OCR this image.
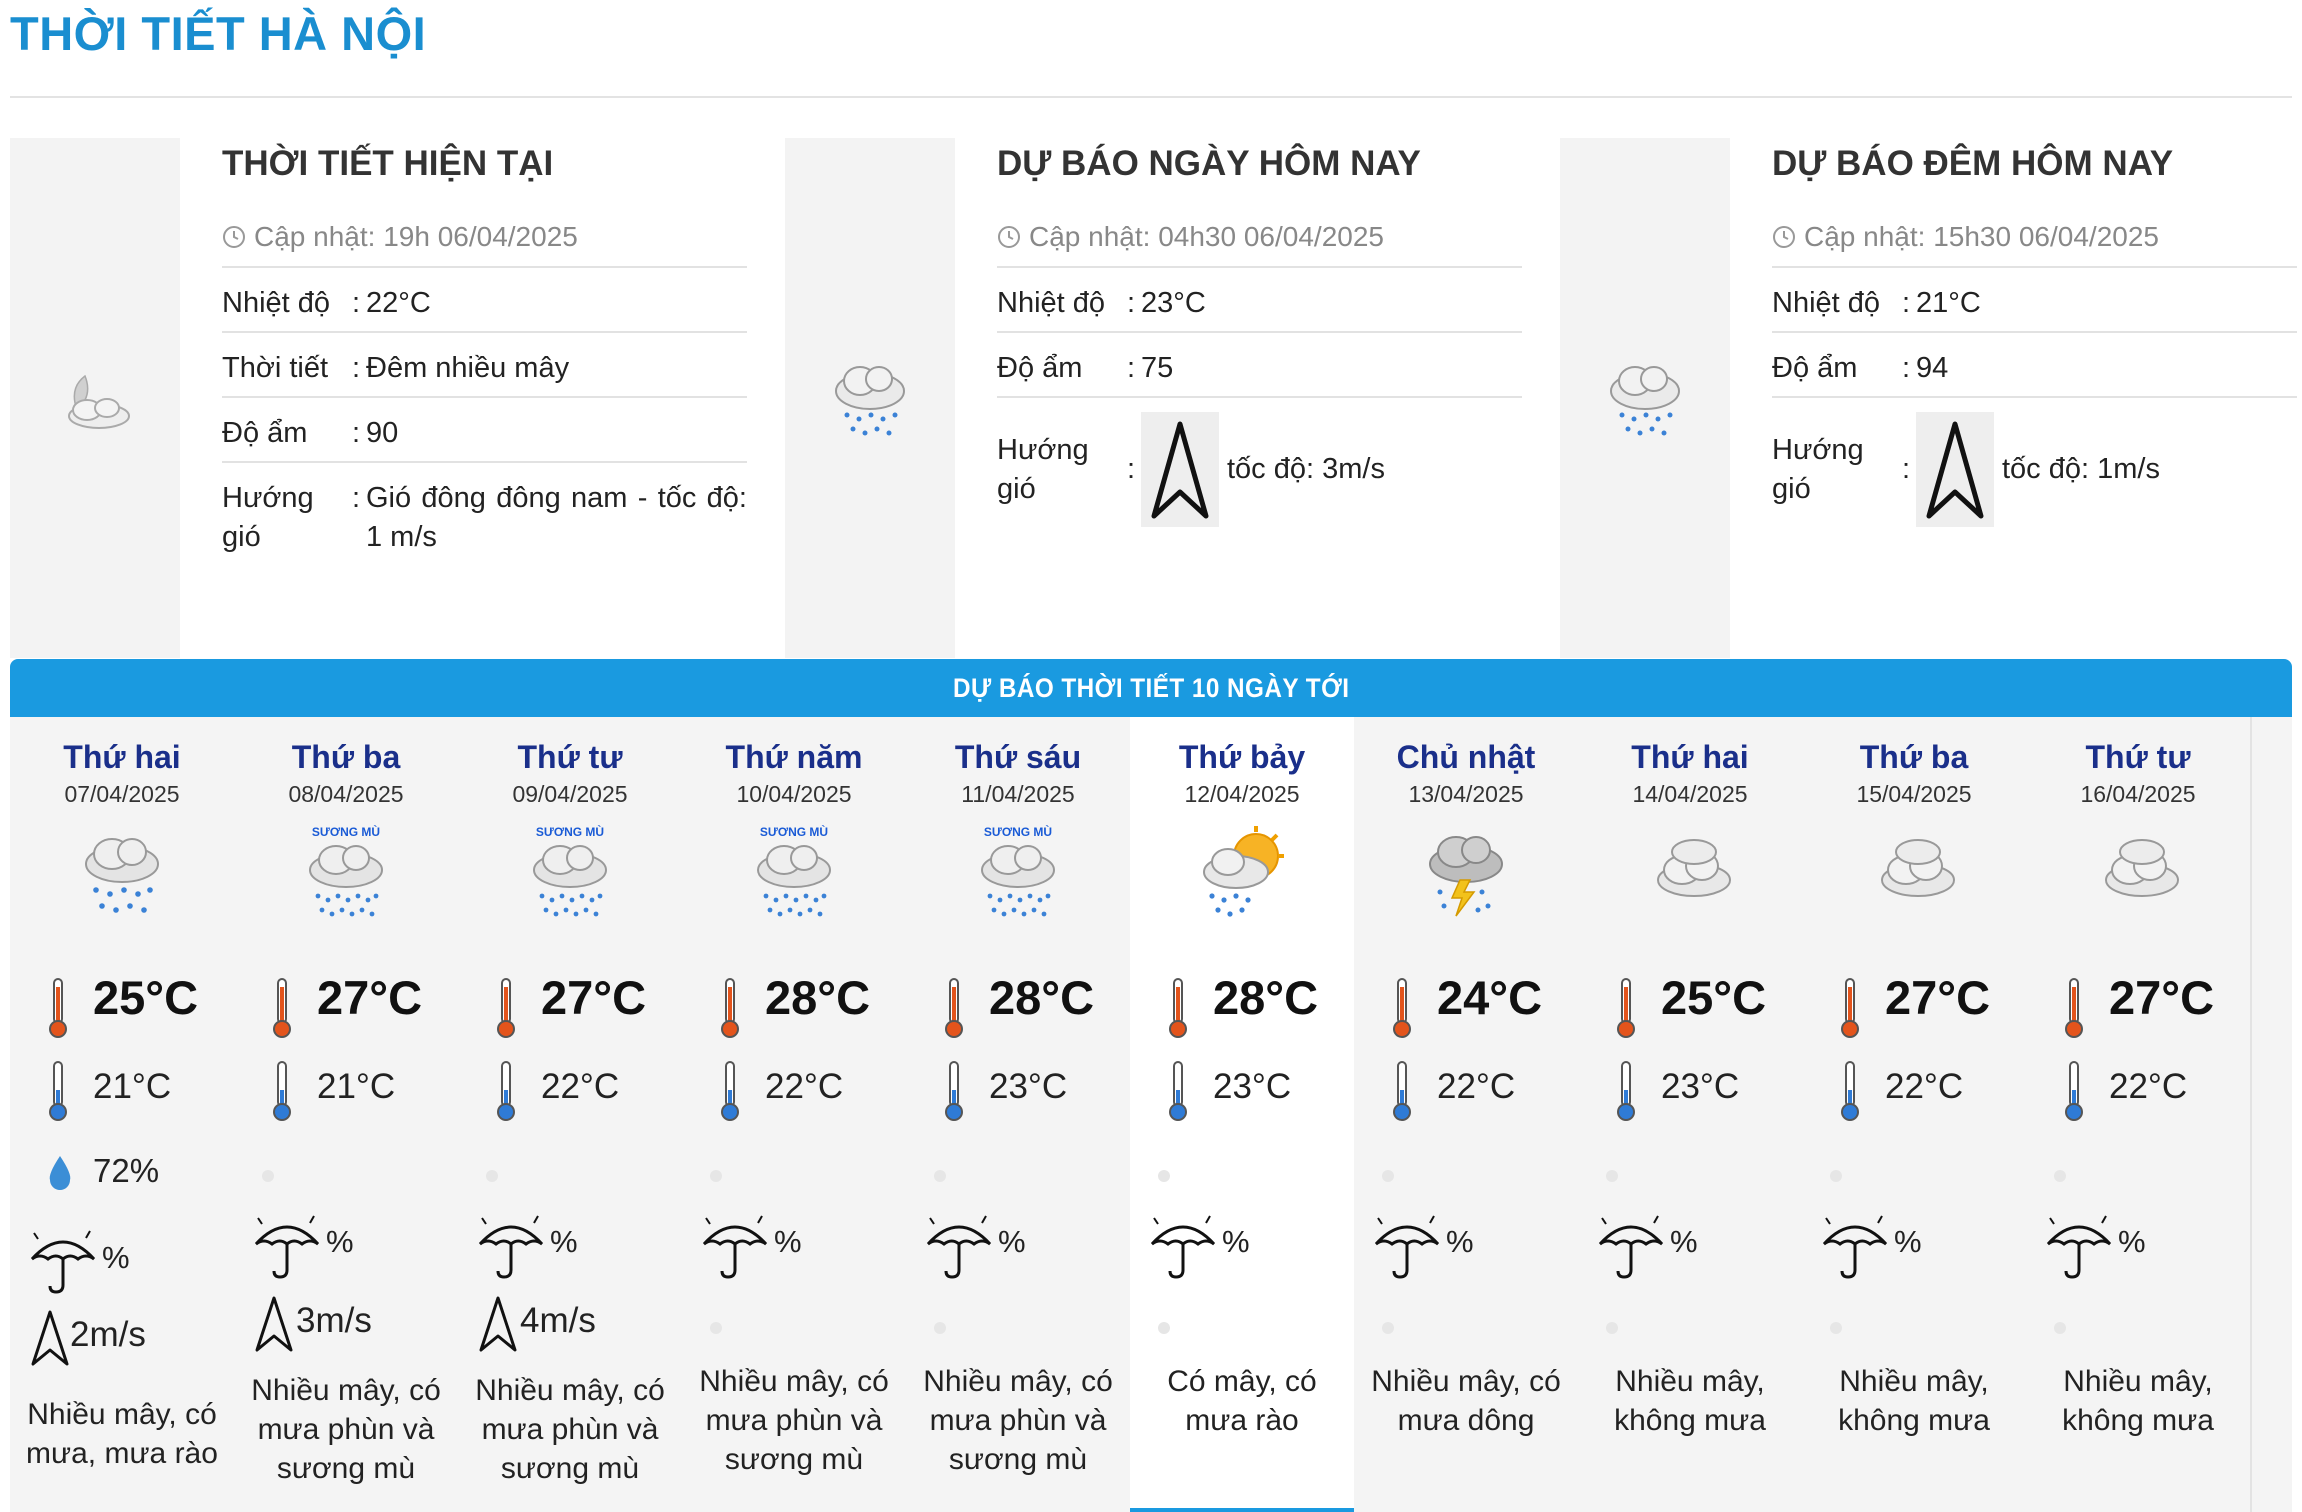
THỜI TIẾT HÀ NỘI
THỜI TIẾT HIỆN TẠI
Cập nhật: 19h 06/04/2025
Nhiệt độ : 22°C
Thời tiết : Đêm nhiều mây
Độ ẩm	: 90
Hướng gió
: Gió đông đông nam - tốc độ: 1 m/s
DỰ BÁO NGÀY HÔM NAY
Cập nhật: 04h30 06/04/2025
Nhiệt độ : 23°C
Độ ẩm	: 75
Hướng gió
:	tốc độ: 3m/s
DỰ BÁO ĐÊM HÔM NAY
Cập nhật: 15h30 06/04/2025
Nhiệt độ : 21°C
Độ ẩm	: 94
Hướng gió
:	tốc độ: 1m/s
DỰ BÁO THỜI TIẾT 10 NGÀY TỚI
Thứ hai
07/04/2025
25°C
21°C
72%
%
2m/s
Nhiều mây, có mưa, mưa rào
Thứ ba
08/04/2025
SƯƠNG MÙ
27°C
21°C
%
3m/s
Nhiều mây, có mưa phùn và sương mù
Thứ tư
09/04/2025
SƯƠNG MÙ
27°C
22°C
%
4m/s
Nhiều mây, có mưa phùn và sương mù
Thứ năm
10/04/2025
SƯƠNG MÙ
28°C
22°C
%
Nhiều mây, có mưa phùn và sương mù
Thứ sáu
11/04/2025
SƯƠNG MÙ
28°C
23°C
%
Nhiều mây, có mưa phùn và sương mù
Thứ bảy
12/04/2025
28°C
23°C
%
Có mây, có mưa rào
Chủ nhật
13/04/2025
24°C
22°C
%
Nhiều mây, có mưa dông
Thứ hai
14/04/2025
25°C
23°C
%
Nhiều mây, không mưa
Thứ ba
15/04/2025
27°C
22°C
%
Nhiều mây, không mưa
Thứ tư
16/04/2025
27°C
22°C
%
Nhiều mây, không mưa
